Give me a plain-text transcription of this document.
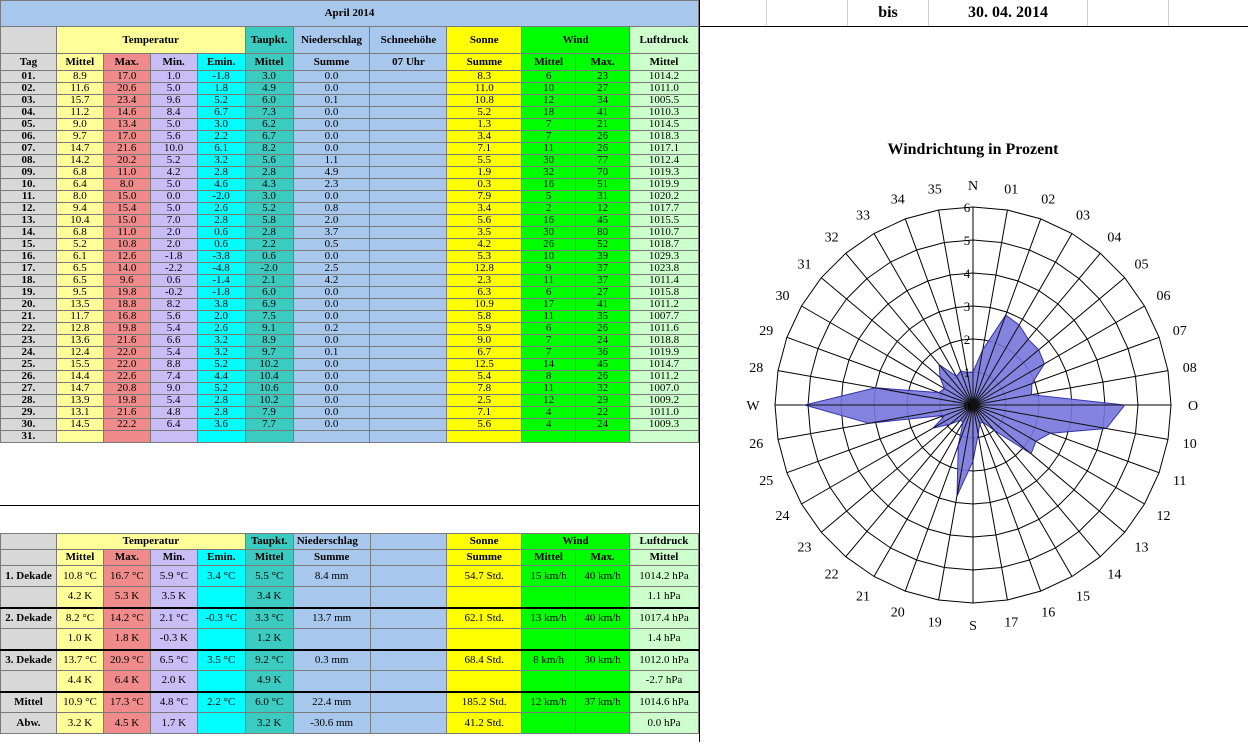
April 2014											
	Temperatur				Taupkt.	Niederschlag	Schneehöhe	Sonne	Wind		Luftdruck
Tag	Mittel	Max.	Min.	Emin.	Mittel	Summe	07 Uhr	Summe	Mittel	Max.	Mittel
01.	8.9	17.0	1.0	-1.8	3.0	0.0		8.3	6	23	1014.2
02.	11.6	20.6	5.0	1.8	4.9	0.0		11.0	10	27	1011.0
03.	15.7	23.4	9.6	5.2	6.0	0.1		10.8	12	34	1005.5
04.	11.2	14.6	8.4	6.7	7.3	0.0		5.2	18	41	1010.3
05.	9.0	13.4	5.0	3.0	6.2	0.0		1.3	7	21	1014.5
06.	9.7	17.0	5.6	2.2	6.7	0.0		3.4	7	26	1018.3
07.	14.7	21.6	10.0	6.1	8.2	0.0		7.1	11	26	1017.1
08.	14.2	20.2	5.2	3.2	5.6	1.1		5.5	30	77	1012.4
09.	6.8	11.0	4.2	2.8	2.8	4.9		1.9	32	70	1019.3
10.	6.4	8.0	5.0	4.6	4.3	2.3		0.3	16	51	1019.9
11.	8.0	15.0	0.0	-2.0	3.0	0.0		7.9	5	31	1020.2
12.	9.4	15.4	5.0	2.6	5.2	0.8		3.4	2	12	1017.7
13.	10.4	15.0	7.0	2.8	5.8	2.0		5.6	16	45	1015.5
14.	6.8	11.0	2.0	0.6	2.8	3.7		3.5	30	80	1010.7
15.	5.2	10.8	2.0	0.6	2.2	0.5		4.2	26	52	1018.7
16.	6.1	12.6	-1.8	-3.8	0.6	0.0		5.3	10	39	1029.3
17.	6.5	14.0	-2.2	-4.8	-2.0	2.5		12.8	9	37	1023.8
18.	6.5	9.6	0.6	-1.4	2.1	4.2		2.3	11	37	1011.4
19.	9.5	19.8	-0.2	-1.8	6.0	0.0		6.3	6	27	1015.8
20.	13.5	18.8	8.2	3.8	6.9	0.0		10.9	17	41	1011.2
21.	11.7	16.8	5.6	2.0	7.5	0.0		5.8	11	35	1007.7
22.	12.8	19.8	5.4	2.6	9.1	0.2		5.9	6	26	1011.6
23.	13.6	21.6	6.6	3.2	8.9	0.0		9.0	7	24	1018.8
24.	12.4	22.0	5.4	3.2	9.7	0.1		6.7	7	36	1019.9
25.	15.5	22.0	8.8	5.2	10.2	0.0		12.5	14	45	1014.7
26.	14.4	22.6	7.4	4.4	10.4	0.0		5.4	8	26	1011.2
27.	14.7	20.8	9.0	5.2	10.6	0.0		7.8	11	32	1007.0
28.	13.9	19.8	5.4	2.8	10.2	0.0		2.5	12	29	1009.2
29.	13.1	21.6	4.8	2.8	7.9	0.0		7.1	4	22	1011.0
30.	14.5	22.2	6.4	3.6	7.7	0.0		5.6	4	24	1009.3
31.											
	Temperatur				Taupkt.	Niederschlag		Sonne	Wind		Luftdruck
	Mittel	Max.	Min.	Emin.	Mittel	Summe		Summe	Mittel	Max.	Mittel
1. Dekade	10.8 °C	16.7 °C	5.9 °C	3.4 °C	5.5 °C	8.4 mm		54.7 Std.	15 km/h	40 km/h	1014.2 hPa
	4.2 K	5.3 K	3.5 K		3.4 K						1.1 hPa
2. Dekade	8.2 °C	14.2 °C	2.1 °C	-0.3 °C	3.3 °C	13.7 mm		62.1 Std.	13 km/h	40 km/h	1017.4 hPa
	1.0 K	1.8 K	-0.3 K		1.2 K						1.4 hPa
3. Dekade	13.7 °C	20.9 °C	6.5 °C	3.5 °C	9.2 °C	0.3 mm		68.4 Std.	8 km/h	30 km/h	1012.0 hPa
	4.4 K	6.4 K	2.0 K		4.9 K						-2.7 hPa
Mittel	10.9 °C	17.3 °C	4.8 °C	2.2 °C	6.0 °C	22.4 mm		185.2 Std.	12 km/h	37 km/h	1014.6 hPa
Abw.	3.2 K	4.5 K	1.7 K		3.2 K	-30.6 mm		41.2 Std.			0.0 hPa
bis	30. 04. 2014
Windrichtung in Prozent
0
1
2
3
4
5
6
N 01
02
03
04
05
06
07
08
O
10
11
12
13
14
15
16
17
S
19
20
21
22
23
24
25
26
W
28
29
30
31
32
33
34
35
